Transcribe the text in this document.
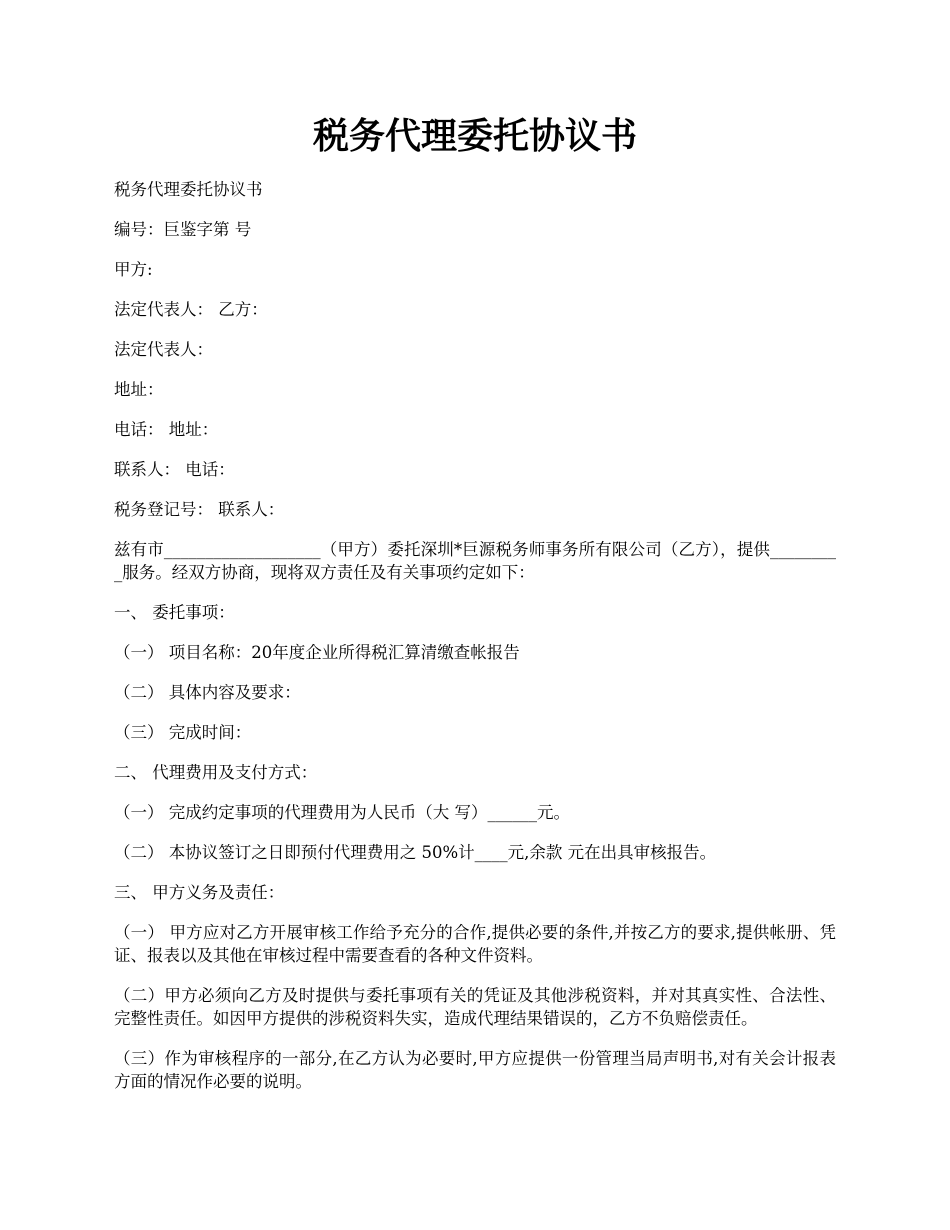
税务代理委托协议书

税务代理委托协议书

编号：巨鉴字第 号

甲方:

法定代表人： 乙方：

法定代表人：

地址：

电话： 地址：

联系人： 电话：

税务登记号： 联系人：

兹有市___________________（甲方）委托深圳*巨源税务师事务所有限公司（乙方），提供_________服务。经双方协商，现将双方责任及有关事项约定如下：

一、 委托事项：

（一） 项目名称：20年度企业所得税汇算清缴查帐报告

（二） 具体内容及要求：

（三） 完成时间：

二、 代理费用及支付方式：

（一） 完成约定事项的代理费用为人民币（大 写）______元。

（二） 本协议签订之日即预付代理费用之 50%计____元,余款 元在出具审核报告。

三、 甲方义务及责任：

（一） 甲方应对乙方开展审核工作给予充分的合作,提供必要的条件,并按乙方的要求,提供帐册、凭证、报表以及其他在审核过程中需要查看的各种文件资料。

（二）甲方必须向乙方及时提供与委托事项有关的凭证及其他涉税资料，并对其真实性、合法性、完整性责任。如因甲方提供的涉税资料失实，造成代理结果错误的，乙方不负赔偿责任。

（三）作为审核程序的一部分,在乙方认为必要时,甲方应提供一份管理当局声明书,对有关会计报表方面的情况作必要的说明。
